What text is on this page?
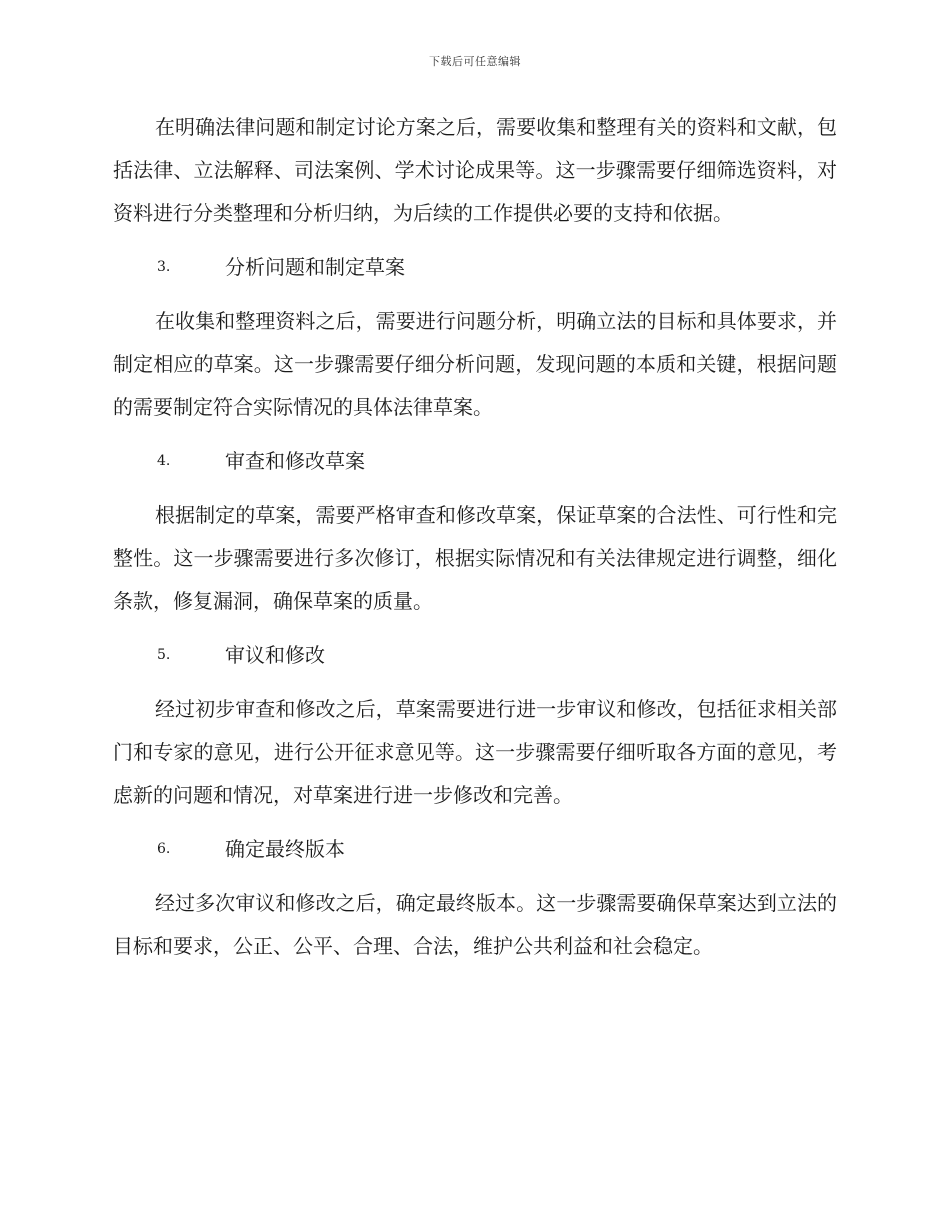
下载后可任意编辑

在明确法律问题和制定讨论方案之后，需要收集和整理有关的资料和文献，包括法律、立法解释、司法案例、学术讨论成果等。这一步骤需要仔细筛选资料，对资料进行分类整理和分析归纳，为后续的工作提供必要的支持和依据。

3.	分析问题和制定草案

在收集和整理资料之后，需要进行问题分析，明确立法的目标和具体要求，并制定相应的草案。这一步骤需要仔细分析问题，发现问题的本质和关键，根据问题的需要制定符合实际情况的具体法律草案。

4.	审查和修改草案

根据制定的草案，需要严格审查和修改草案，保证草案的合法性、可行性和完整性。这一步骤需要进行多次修订，根据实际情况和有关法律规定进行调整，细化条款，修复漏洞，确保草案的质量。

5.	审议和修改

经过初步审查和修改之后，草案需要进行进一步审议和修改，包括征求相关部门和专家的意见，进行公开征求意见等。这一步骤需要仔细听取各方面的意见，考虑新的问题和情况，对草案进行进一步修改和完善。

6.	确定最终版本

经过多次审议和修改之后，确定最终版本。这一步骤需要确保草案达到立法的目标和要求，公正、公平、合理、合法，维护公共利益和社会稳定。
